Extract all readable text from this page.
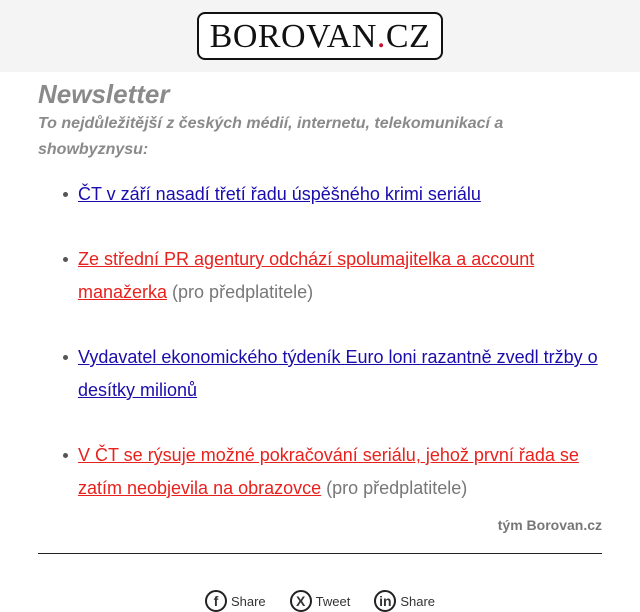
BOROVAN.CZ
Newsletter
To nejdůležitější z českých médií, internetu, telekomunikací a showbyznysu:
ČT v září nasadí třetí řadu úspěšného krimi seriálu
Ze střední PR agentury odchází spolumajitelka a account manažerka (pro předplatitele)
Vydavatel ekonomického týdeník Euro loni razantně zvedl tržby o desítky milionů
V ČT se rýsuje možné pokračování seriálu, jehož první řada se zatím neobjevila na obrazovce (pro předplatitele)
tým Borovan.cz
f Share	X Tweet	in Share
